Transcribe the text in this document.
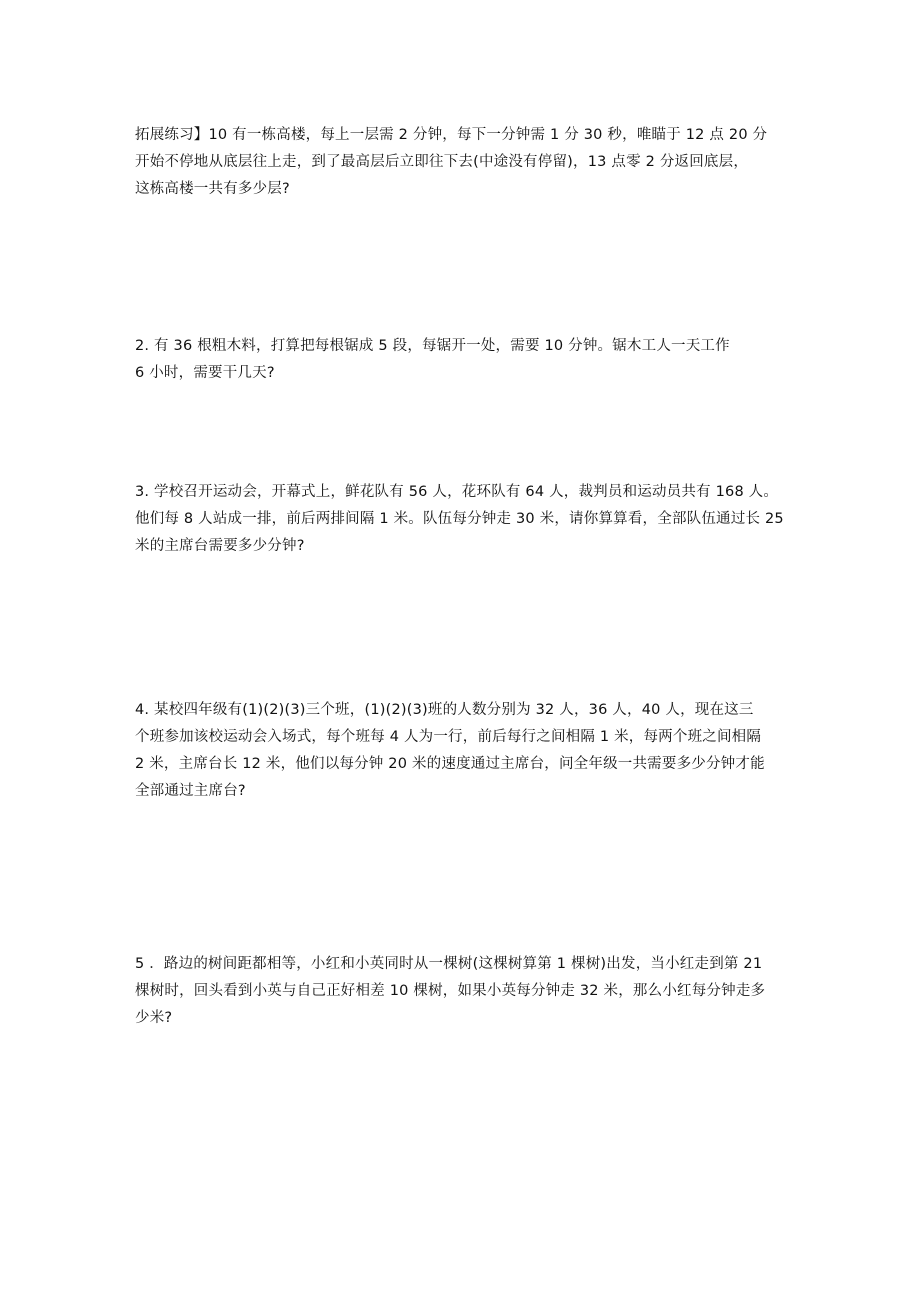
拓展练习】10 有一栋高楼，每上一层需 2 分钟，每下一分钟需 1 分 30 秒，唯瞄于 12 点 20 分
开始不停地从底层往上走，到了最高层后立即往下去(中途没有停留)，13 点零 2 分返回底层，
这栋高楼一共有多少层?
2. 有 36 根粗木料，打算把每根锯成 5 段，每锯开一处，需要 10 分钟。锯木工人一天工作
6 小时，需要干几天?
3. 学校召开运动会，开幕式上，鲜花队有 56 人，花环队有 64 人，裁判员和运动员共有 168 人。
他们每 8 人站成一排，前后两排间隔 1 米。队伍每分钟走 30 米，请你算算看，全部队伍通过长 25
米的主席台需要多少分钟?
4. 某校四年级有(1)(2)(3)三个班，(1)(2)(3)班的人数分别为 32 人，36 人，40 人，现在这三
个班参加该校运动会入场式，每个班每 4 人为一行，前后每行之间相隔 1 米，每两个班之间相隔
2 米，主席台长 12 米，他们以每分钟 20 米的速度通过主席台，问全年级一共需要多少分钟才能
全部通过主席台?
5 ．路边的树间距都相等，小红和小英同时从一棵树(这棵树算第 1 棵树)出发，当小红走到第 21
棵树时，回头看到小英与自己正好相差 10 棵树，如果小英每分钟走 32 米，那么小红每分钟走多
少米?
